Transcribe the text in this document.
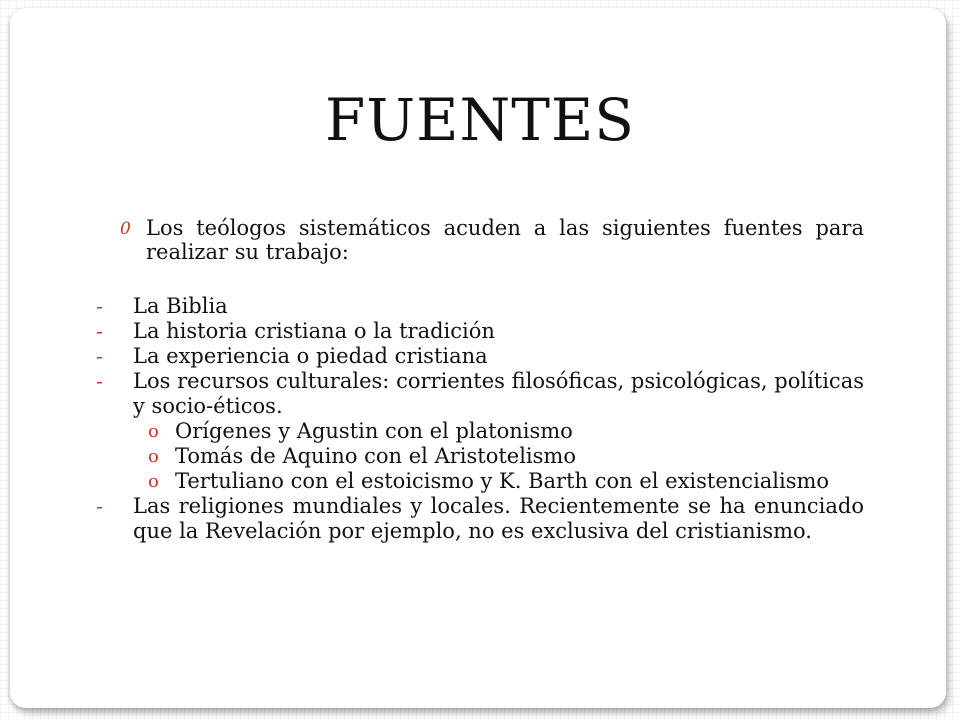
FUENTES
0 Los teólogos sistemáticos acuden a las siguientes fuentes para realizar su trabajo:
- La Biblia
- La historia cristiana o la tradición
- La experiencia o piedad cristiana
- Los recursos culturales: corrientes filosóficas, psicológicas, políticas y socio-éticos.
o Orígenes y Agustin con el platonismo
o Tomás de Aquino con el Aristotelismo
o Tertuliano con el estoicismo y K. Barth con el existencialismo
- Las religiones mundiales y locales. Recientemente se ha enunciado que la Revelación por ejemplo, no es exclusiva del cristianismo.
